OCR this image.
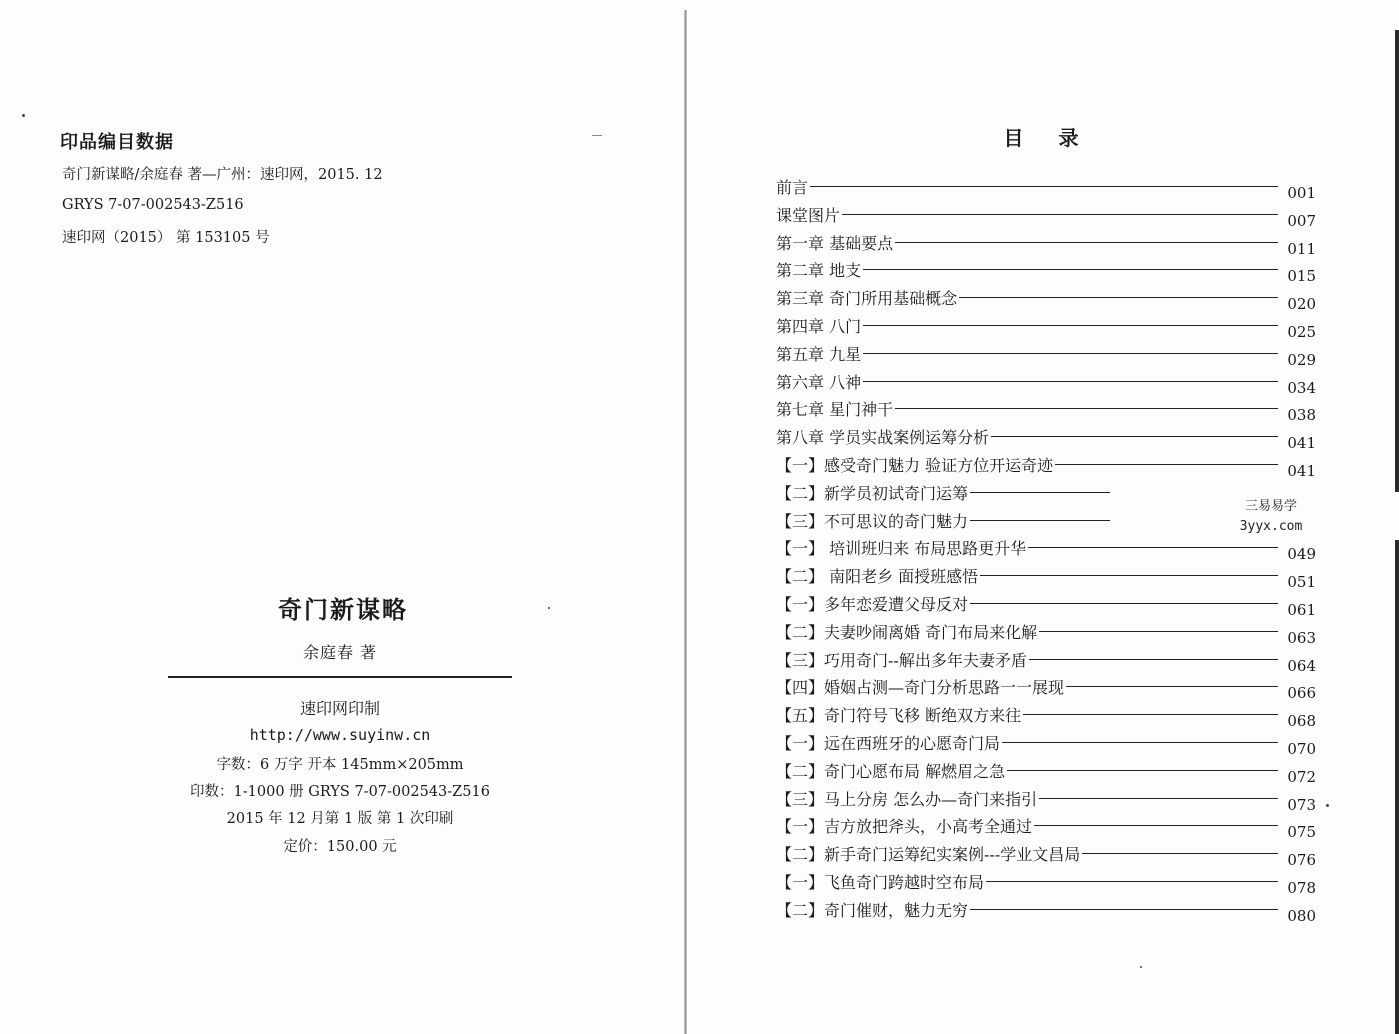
印品编目数据
奇门新谋略/余庭春 著—广州：速印网，2015. 12
GRYS 7-07-002543-Z516
速印网（2015） 第 153105 号
奇门新谋略
余庭春 著
速印网印制
http://www.suyinw.cn
字数：6 万字 开本 145mm×205mm
印数：1-1000 册 GRYS 7-07-002543-Z516
2015 年 12 月第 1 版 第 1 次印刷
定价：150.00 元
目 录
前言	001
课堂图片	007
第一章 基础要点	011
第二章 地支	015
第三章 奇门所用基础概念	020
第四章 八门	025
第五章 九星	029
第六章 八神	034
第七章 星门神干	038
第八章 学员实战案例运筹分析	041
【一】感受奇门魅力 验证方位开运奇迹	041
【二】新学员初试奇门运筹
【三】不可思议的奇门魅力
【一】 培训班归来 布局思路更升华	049
【二】 南阳老乡 面授班感悟	051
【一】多年恋爱遭父母反对	061
【二】夫妻吵闹离婚 奇门布局来化解	063
【三】巧用奇门--解出多年夫妻矛盾	064
【四】婚姻占测—奇门分析思路一一展现	066
【五】奇门符号飞移 断绝双方来往	068
【一】远在西班牙的心愿奇门局	070
【二】奇门心愿布局 解燃眉之急	072
【三】马上分房 怎么办—奇门来指引	073
【一】吉方放把斧头，小高考全通过	075
【二】新手奇门运筹纪实案例---学业文昌局	076
【一】飞鱼奇门跨越时空布局	078
【二】奇门催财，魅力无穷	080
三易易学
3yyx.com
